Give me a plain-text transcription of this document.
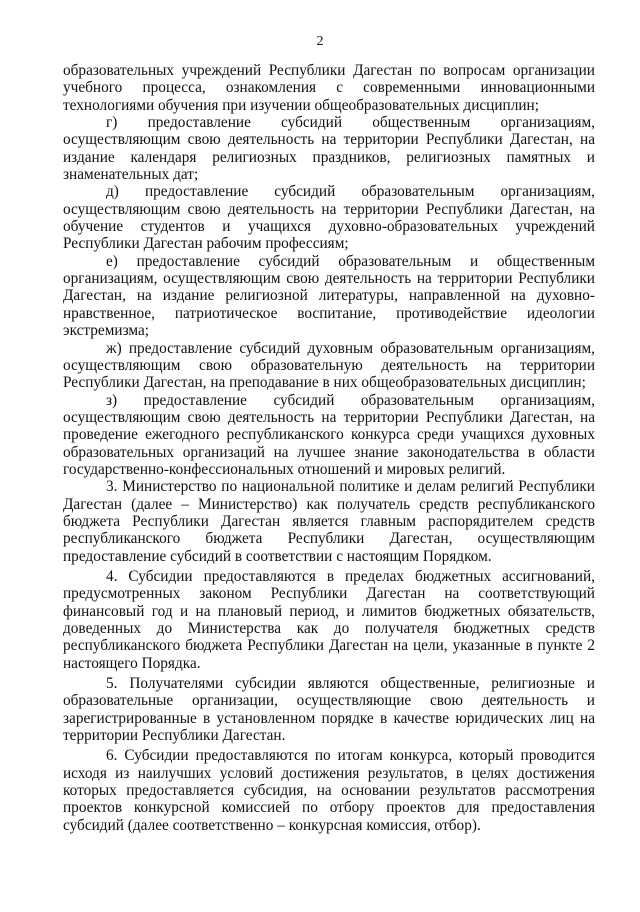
2

образовательных учреждений Республики Дагестан по вопросам организации учебного процесса, ознакомления с современными инновационными технологиями обучения при изучении общеобразовательных дисциплин;

г) предоставление субсидий общественным организациям, осуществляющим свою деятельность на территории Республики Дагестан, на издание календаря религиозных праздников, религиозных памятных и знаменательных дат;

д) предоставление субсидий образовательным организациям, осуществляющим свою деятельность на территории Республики Дагестан, на обучение студентов и учащихся духовно-образовательных учреждений Республики Дагестан рабочим профессиям;

е) предоставление субсидий образовательным и общественным организациям, осуществляющим свою деятельность на территории Республики Дагестан, на издание религиозной литературы, направленной на духовно-нравственное, патриотическое воспитание, противодействие идеологии экстремизма;

ж) предоставление субсидий духовным образовательным организациям, осуществляющим свою образовательную деятельность на территории Республики Дагестан, на преподавание в них общеобразовательных дисциплин;

з) предоставление субсидий образовательным организациям, осуществляющим свою деятельность на территории Республики Дагестан, на проведение ежегодного республиканского конкурса среди учащихся духовных образовательных организаций на лучшее знание законодательства в области государственно-конфессиональных отношений и мировых религий.

3. Министерство по национальной политике и делам религий Республики Дагестан (далее – Министерство) как получатель средств республиканского бюджета Республики Дагестан является главным распорядителем средств республиканского бюджета Республики Дагестан, осуществляющим предоставление субсидий в соответствии с настоящим Порядком.

4. Субсидии предоставляются в пределах бюджетных ассигнований, предусмотренных законом Республики Дагестан на соответствующий финансовый год и на плановый период, и лимитов бюджетных обязательств, доведенных до Министерства как до получателя бюджетных средств республиканского бюджета Республики Дагестан на цели, указанные в пункте 2 настоящего Порядка.

5. Получателями субсидии являются общественные, религиозные и образовательные организации, осуществляющие свою деятельность и зарегистрированные в установленном порядке в качестве юридических лиц на территории Республики Дагестан.

6. Субсидии предоставляются по итогам конкурса, который проводится исходя из наилучших условий достижения результатов, в целях достижения которых предоставляется субсидия, на основании результатов рассмотрения проектов конкурсной комиссией по отбору проектов для предоставления субсидий (далее соответственно – конкурсная комиссия, отбор).
